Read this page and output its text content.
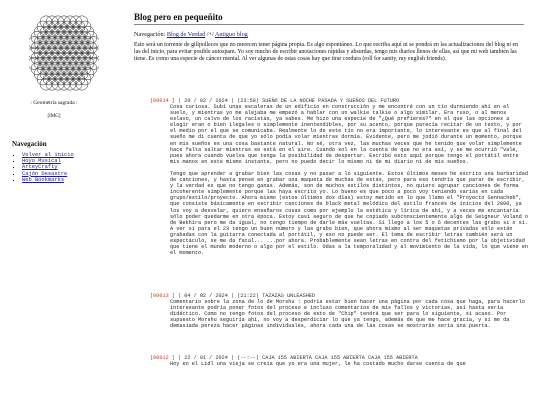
: Geometría sagrada :
[IMG]
Navegación
▪ Volver al inicio
▪ Hoyo Musical
▪ ArteyCrafty
▪ Cajón Desastre
▪ Web Bookmarks
Blog pero en pequeñito
Navegación: Blog de Verdad /+/ Antiguo blog

Esto será un torrente de gilipolleces que no merecen tener página propia. Es algo espontáneo. Lo que escriba aquí ni se pondrá en las actualizaciones del blog ni en las del inicio, para evitar posible autospam. Yo soy mucho de escribir anotaciones rápidas y absurdas, tengo mis diarios llenos de ellas, así que mi web también las tiene. Es como una especie de cáncer mental. Al ver algunas de estas cosas hay que tirar cordura (roll for sanity, my english friends).

[00014 ] | 20 / 02 / 2024 | (23:58) SUEÑO DE LA NOCHE PASADA Y SUEÑOS DEL FUTURO

Cosa curiosa. Subí unas escaleras de un edificio en construcción y me encontré con un tío durmiendo ahí en el suelo, y mientras yo me alejaba me empezó a hablar con un walkie talkie o algo similar. Era ruso, o al menos eslavo, un calvo de los racistas, ya sabes. Me hizo una especie de "¿Qué prefieres?" en el que las opciones a elegir eran o bien ilegales o simplemente inentendibles, por su acento, porque parecía recitar de un texto, y por el medio por el que se comunicaba. Realmente lo de este tío no era importante, lo interesante es que al final del sueño me di cuenta de que yo sólo podía volar mientras dormía. Evidente, pero me jodió durante un momento, porque en mis sueños es una cosa bastante natural. No sé, otra vez, las muchas veces que he tenido que volar simplemente hace falta saltar mientras se está en el aire. Cuando sol en la cuenta de que no era así, y se me ocurrió "vale, pues ahora cuando vuelva que tenga la posibilidad de despertar. Escribo esto aquí porque tengo el portátil entre mis manos en este mismo instante, pero no puedo decir lo mismo ni de mi diario ni de mis sueños.

Tengo que aprender a grabar bien las cosas y no pasar a lo siguiente. Estos últimos meses he escrito una barbaridad de canciones, y hasta pensé en grabar una maqueta de muchas de estas, pero para eso tendría que parar de escribir, y la verdad es que no tengo ganas. Además, son de muchos estilos distintos, no quiero agrupar canciones de forma incoherente simplemente porque las haya escrito yo. Lo bueno es que poco a poco voy teniendo varias en cada grupo/estilo/proyecto. Ahora mismo (estos últimos dos días) estoy metido en lo que llamo el "Proyecto Sennacheb", que consiste básicamente en escribir canciones de black metal melódico del estilo francés de inicios del 2000, ya los voy a desvelar, quiero enseñaros cosas como por ejemplo la estética y lírica de ahí, y a veces me encantaría sólo poder quedarme en otra época. Estoy casi seguro de que he copiado subconscientemente algo de Seigneur Voland o de Bekhira pero me da igual, no tengo tiempo de darle más vueltas. Si llego a los 5 o 6 decentes las grabo si o si. A ver si para el 23 tengo un buen número y las grabo bien, que ahora mismo al ser maquetas privadas sólo están grabadas con la guitarra conectada al portátil, y eso no puede ser. El tema de escribir letras también será un espectáculo, se me da fatal... ...por ahora. Probablemente sean letras en contra del fetichismo por la objetividad que tiene el mundo moderno o algo por el estilo. Odas a la temporalidad y al movimiento de la vida, lo que viene en el momento.

[00013 ] | 04 / 02 / 2024 | (21:22) TAZAZAS UNLEASHED

Comentario sobre la zona de lo de Morshu : podría estar bien hacer una página por cada cosa que haga, para hacerlo interesante podría poner fotos del proceso e incluso comentarios de mis fallos y victorias, así hasta sería didáctico. Como no tengo fotos del proceso de esto de "Chip" tendrá que ser para lo siguiente, si acaso. Por supuesto Morshu seguiría ahí, no voy a desperdiciar lo que ya tengo, además de que me hace gracia, y si me da demasiada pereza hacer páginas individuales, ahora cada una de las cosas se mostrarán seria una puerta.

[00012 ] | 22 / 01 / 2024 | (--:--) CAJA 155 ABIERTA CAJA 155 ABIERTA CAJA 155 ABIERTA

Hoy en el Lidl una vieja se creía que yo era una mujer, le ha costado mucho darse cuenta de que
